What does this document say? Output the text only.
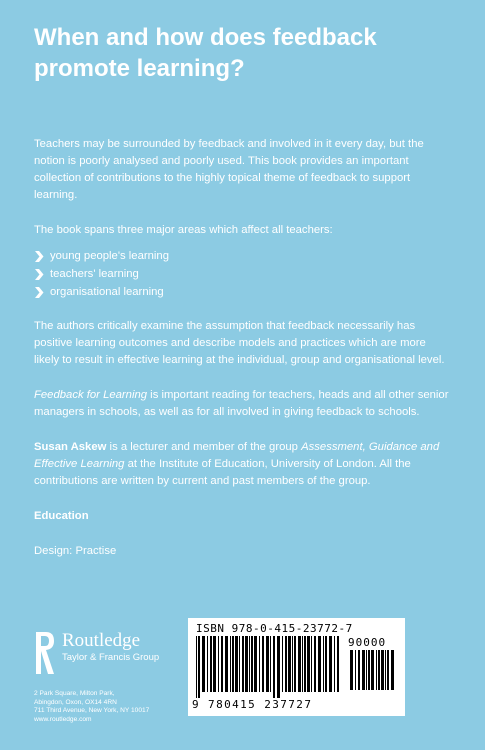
When and how does feedback promote learning?

Teachers may be surrounded by feedback and involved in it every day, but the notion is poorly analysed and poorly used. This book provides an important collection of contributions to the highly topical theme of feedback to support learning.

The book spans three major areas which affect all teachers:

young people's learning
teachers' learning
organisational learning

The authors critically examine the assumption that feedback necessarily has positive learning outcomes and describe models and practices which are more likely to result in effective learning at the individual, group and organisational level.

Feedback for Learning is important reading for teachers, heads and all other senior managers in schools, as well as for all involved in giving feedback to schools.

Susan Askew is a lecturer and member of the group Assessment, Guidance and Effective Learning at the Institute of Education, University of London. All the contributions are written by current and past members of the group.

Education

Design: Practise

Routledge
Taylor & Francis Group
2 Park Square, Milton Park,
Abingdon, Oxon, OX14 4RN
711 Third Avenue, New York, NY 10017
www.routledge.com
ISBN 978-0-415-23772-7
90000
9 780415 237727
